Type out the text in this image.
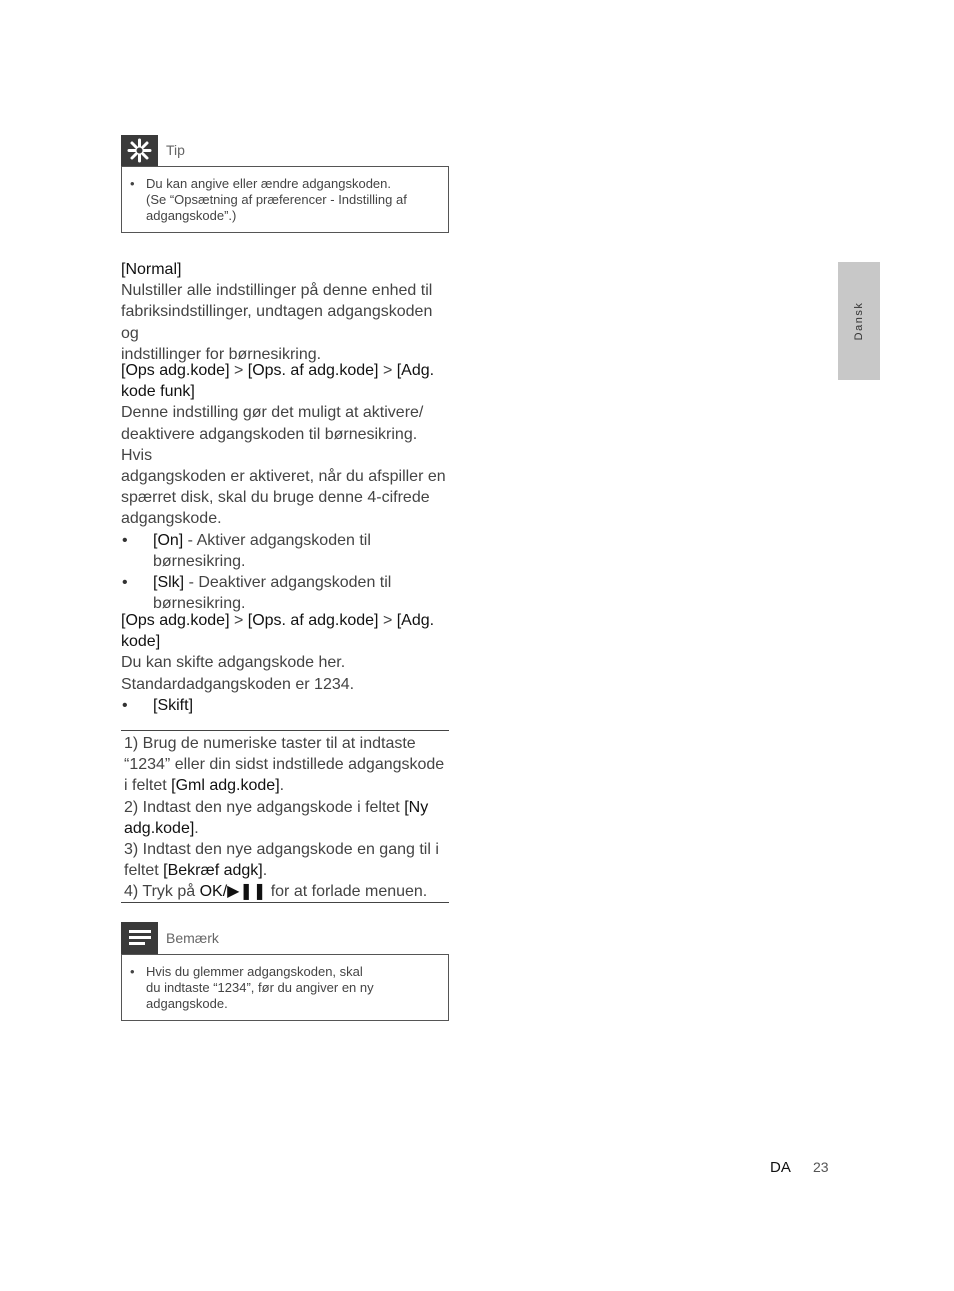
Tip
• Du kan angive eller ændre adgangskoden.
(Se “Opsætning af præferencer - Indstilling af
adgangskode”.)
[Normal]
Nulstiller alle indstillinger på denne enhed til
fabriksindstillinger, undtagen adgangskoden og
indstillinger for børnesikring.
[Ops adg.kode] > [Ops. af adg.kode] > [Adg.
kode funk]
Denne indstilling gør det muligt at aktivere/
deaktivere adgangskoden til børnesikring. Hvis
adgangskoden er aktiveret, når du afspiller en
spærret disk, skal du bruge denne 4-cifrede
adgangskode.
• [On] - Aktiver adgangskoden til
børnesikring.
• [Slk] - Deaktiver adgangskoden til
børnesikring.
[Ops adg.kode] > [Ops. af adg.kode] > [Adg.
kode]
Du kan skifte adgangskode her.
Standardadgangskoden er 1234.
• [Skift]
1) Brug de numeriske taster til at indtaste
“1234” eller din sidst indstillede adgangskode
i feltet [Gml adg.kode].
2) Indtast den nye adgangskode i feltet [Ny
adg.kode].
3) Indtast den nye adgangskode en gang til i
feltet [Bekræf adgk].
4) Tryk på OK/▶❚❚ for at forlade menuen.
Bemærk
• Hvis du glemmer adgangskoden, skal
du indtaste “1234”, før du angiver en ny
adgangskode.
Dansk
DA 23
